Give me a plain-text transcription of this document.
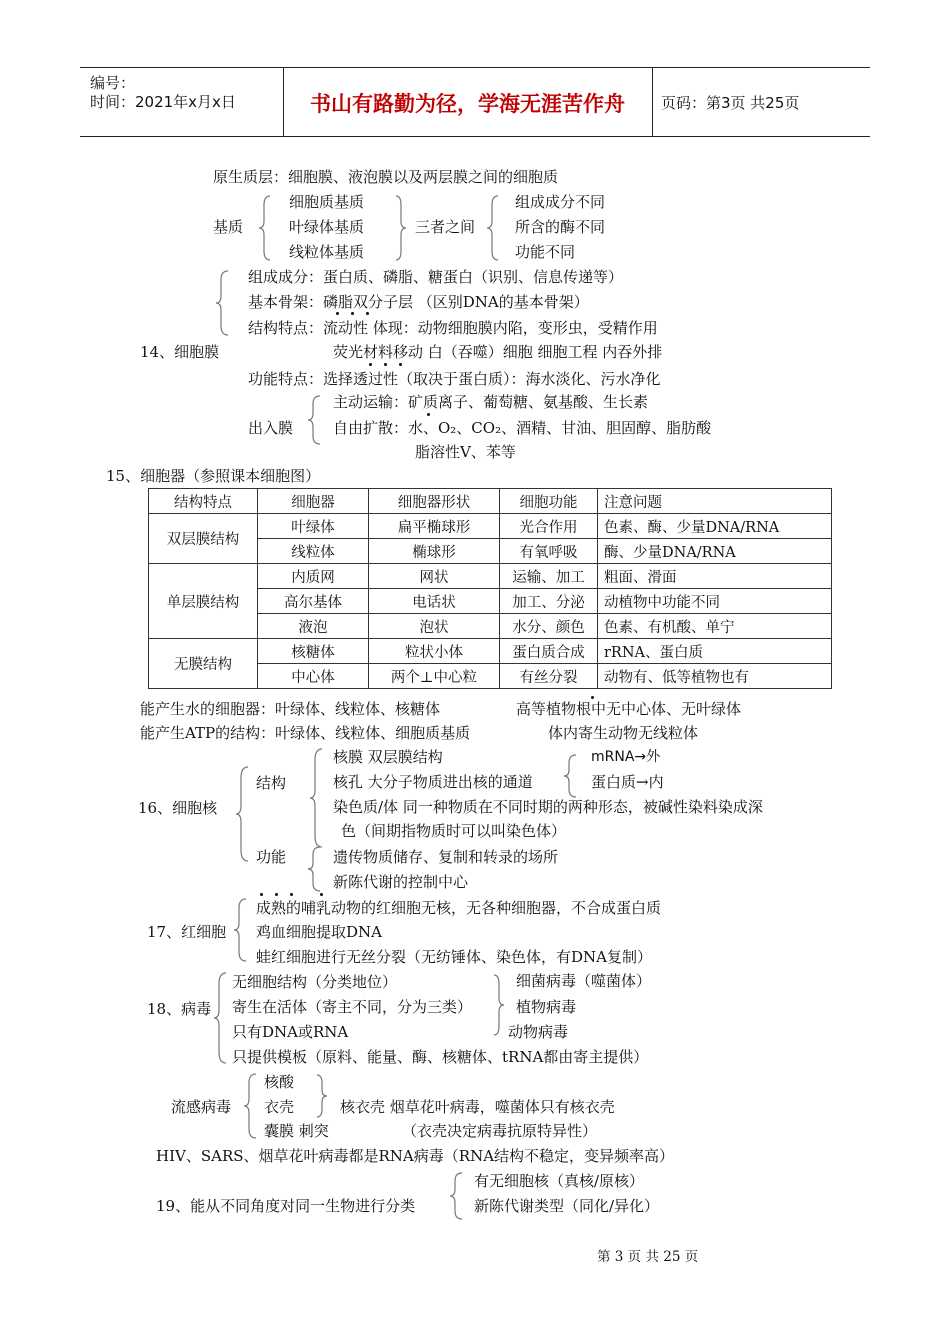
编号：
时间：2021年x月x日	书山有路勤为径，学海无涯苦作舟	页码：第3页 共25页
原生质层：细胞膜、液泡膜以及两层膜之间的细胞质
基质
细胞质基质
叶绿体基质
线粒体基质
三者之间
组成成分不同
所含的酶不同
功能不同
组成成分：蛋白质、磷脂、糖蛋白（识别、信息传递等）
基本骨架：磷脂双分子层 （区别DNA的基本骨架）
结构特点：流动性 体现：动物细胞膜内陷，变形虫，受精作用
14、细胞膜	荧光材料移动 白（吞噬）细胞 细胞工程 内吞外排
功能特点：选择透过性（取决于蛋白质）：海水淡化、污水净化
出入膜
主动运输：矿质离子、葡萄糖、氨基酸、生长素
自由扩散：水、O₂、CO₂、酒精、甘油、胆固醇、脂肪酸
脂溶性V、苯等
15、细胞器（参照课本细胞图）
结构特点	细胞器	细胞器形状	细胞功能	注意问题
双层膜结构	叶绿体	扁平椭球形	光合作用	色素、酶、少量DNA/RNA
	线粒体	椭球形	有氧呼吸	酶、少量DNA/RNA
单层膜结构	内质网	网状	运输、加工	粗面、滑面
	高尔基体	电话状	加工、分泌	动植物中功能不同
	液泡	泡状	水分、颜色	色素、有机酸、单宁
无膜结构	核糖体	粒状小体	蛋白质合成	rRNA、蛋白质
	中心体	两个⊥中心粒	有丝分裂	动物有、低等植物也有
能产生水的细胞器：叶绿体、线粒体、核糖体	高等植物根中无中心体、无叶绿体
能产生ATP的结构：叶绿体、线粒体、细胞质基质	体内寄生动物无线粒体
16、细胞核
结构
核膜 双层膜结构
核孔 大分子物质进出核的通道
mRNA→外
蛋白质→内
染色质/体 同一种物质在不同时期的两种形态，被碱性染料染成深
色（间期指物质时可以叫染色体）
功能	遗传物质储存、复制和转录的场所
新陈代谢的控制中心
17、红细胞
成熟的哺乳动物的红细胞无核，无各种细胞器，不合成蛋白质
鸡血细胞提取DNA
蛙红细胞进行无丝分裂（无纺锤体、染色体，有DNA复制）
18、病毒
无细胞结构（分类地位）
寄生在活体（寄主不同，分为三类）
只有DNA或RNA
只提供模板（原料、能量、酶、核糖体、tRNA都由寄主提供）
细菌病毒（噬菌体）
植物病毒
动物病毒
流感病毒
核酸
衣壳
囊膜 刺突
核衣壳 烟草花叶病毒，噬菌体只有核衣壳
（衣壳决定病毒抗原特异性）
HIV、SARS、烟草花叶病毒都是RNA病毒（RNA结构不稳定，变异频率高）
19、能从不同角度对同一生物进行分类
有无细胞核（真核/原核）
新陈代谢类型（同化/异化）
第 3 页 共 25 页
